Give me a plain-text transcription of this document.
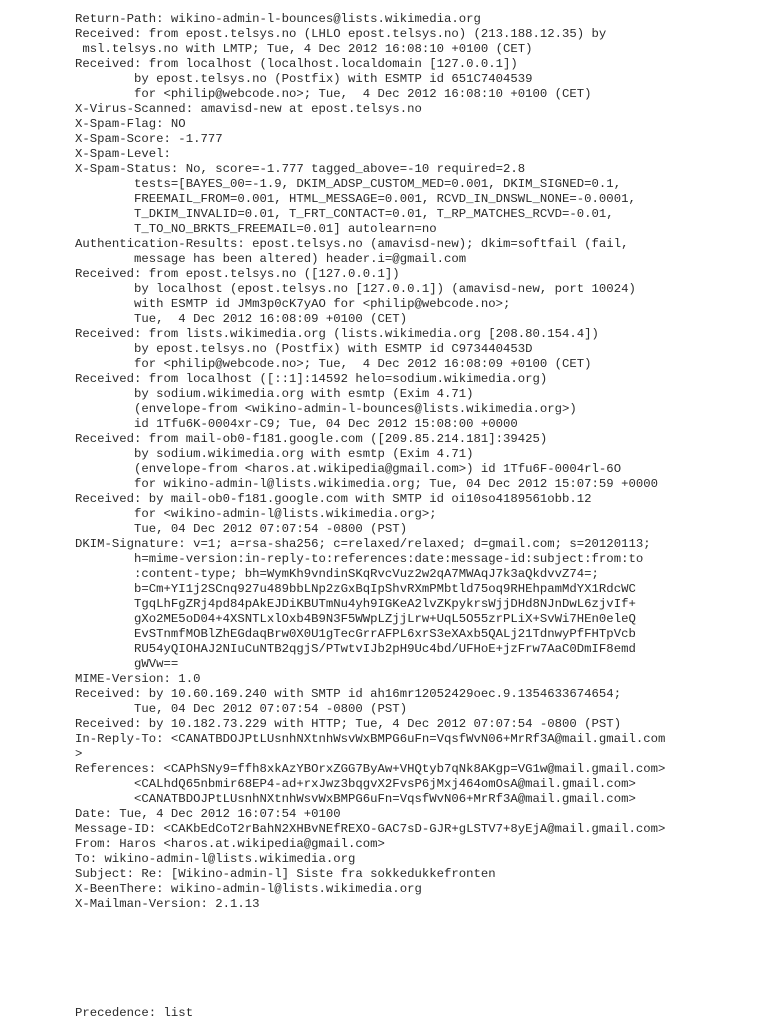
Return-Path: wikino-admin-l-bounces@lists.wikimedia.org
Received: from epost.telsys.no (LHLO epost.telsys.no) (213.188.12.35) by
msl.telsys.no with LMTP; Tue, 4 Dec 2012 16:08:10 +0100 (CET)
Received: from localhost (localhost.localdomain [127.0.0.1])
by epost.telsys.no (Postfix) with ESMTP id 651C7404539
for <philip@webcode.no>; Tue,  4 Dec 2012 16:08:10 +0100 (CET)
X-Virus-Scanned: amavisd-new at epost.telsys.no
X-Spam-Flag: NO
X-Spam-Score: -1.777
X-Spam-Level:
X-Spam-Status: No, score=-1.777 tagged_above=-10 required=2.8
tests=[BAYES_00=-1.9, DKIM_ADSP_CUSTOM_MED=0.001, DKIM_SIGNED=0.1,
FREEMAIL_FROM=0.001, HTML_MESSAGE=0.001, RCVD_IN_DNSWL_NONE=-0.0001,
T_DKIM_INVALID=0.01, T_FRT_CONTACT=0.01, T_RP_MATCHES_RCVD=-0.01,
T_TO_NO_BRKTS_FREEMAIL=0.01] autolearn=no
Authentication-Results: epost.telsys.no (amavisd-new); dkim=softfail (fail,
message has been altered) header.i=@gmail.com
Received: from epost.telsys.no ([127.0.0.1])
by localhost (epost.telsys.no [127.0.0.1]) (amavisd-new, port 10024)
with ESMTP id JMm3p0cK7yAO for <philip@webcode.no>;
Tue,  4 Dec 2012 16:08:09 +0100 (CET)
Received: from lists.wikimedia.org (lists.wikimedia.org [208.80.154.4])
by epost.telsys.no (Postfix) with ESMTP id C973440453D
for <philip@webcode.no>; Tue,  4 Dec 2012 16:08:09 +0100 (CET)
Received: from localhost ([::1]:14592 helo=sodium.wikimedia.org)
by sodium.wikimedia.org with esmtp (Exim 4.71)
(envelope-from <wikino-admin-l-bounces@lists.wikimedia.org>)
id 1Tfu6K-0004xr-C9; Tue, 04 Dec 2012 15:08:00 +0000
Received: from mail-ob0-f181.google.com ([209.85.214.181]:39425)
by sodium.wikimedia.org with esmtp (Exim 4.71)
(envelope-from <haros.at.wikipedia@gmail.com>) id 1Tfu6F-0004rl-6O
for wikino-admin-l@lists.wikimedia.org; Tue, 04 Dec 2012 15:07:59 +0000
Received: by mail-ob0-f181.google.com with SMTP id oi10so4189561obb.12
for <wikino-admin-l@lists.wikimedia.org>;
Tue, 04 Dec 2012 07:07:54 -0800 (PST)
DKIM-Signature: v=1; a=rsa-sha256; c=relaxed/relaxed; d=gmail.com; s=20120113;
h=mime-version:in-reply-to:references:date:message-id:subject:from:to
:content-type; bh=WymKh9vndinSKqRvcVuz2w2qA7MWAqJ7k3aQkdvvZ74=;
b=Cm+YI1j2SCnq927u489bbLNp2zGxBqIpShvRXmPMbtld75oq9RHEhpamMdYX1RdcWC
TgqLhFgZRj4pd84pAkEJDiKBUTmNu4yh9IGKeA2lvZKpykrsWjjDHd8NJnDwL6zjvIf+
gXo2ME5oD04+4XSNTLxlOxb4B9N3F5WWpLZjjLrw+UqL5O55zrPLiX+SvWi7HEn0eleQ
EvSTnmfMOBlZhEGdaqBrw0X0U1gTecGrrAFPL6xrS3eXAxb5QALj21TdnwyPfFHTpVcb
RU54yQIOHAJ2NIuCuNTB2qgjS/PTwtvIJb2pH9Uc4bd/UFHoE+jzFrw7AaC0DmIF8emd
gWVw==
MIME-Version: 1.0
Received: by 10.60.169.240 with SMTP id ah16mr12052429oec.9.1354633674654;
Tue, 04 Dec 2012 07:07:54 -0800 (PST)
Received: by 10.182.73.229 with HTTP; Tue, 4 Dec 2012 07:07:54 -0800 (PST)
In-Reply-To: <CANATBDOJPtLUsnhNXtnhWsvWxBMPG6uFn=VqsfWvN06+MrRf3A@mail.gmail.com
>
References: <CAPhSNy9=ffh8xkAzYBOrxZGG7ByAw+VHQtyb7qNk8AKgp=VG1w@mail.gmail.com>
<CALhdQ65nbmir68EP4-ad+rxJwz3bqgvX2FvsP6jMxj464omOsA@mail.gmail.com>
<CANATBDOJPtLUsnhNXtnhWsvWxBMPG6uFn=VqsfWvN06+MrRf3A@mail.gmail.com>
Date: Tue, 4 Dec 2012 16:07:54 +0100
Message-ID: <CAKbEdCoT2rBahN2XHBvNEfREXO-GAC7sD-GJR+gLSTV7+8yEjA@mail.gmail.com>
From: Haros <haros.at.wikipedia@gmail.com>
To: wikino-admin-l@lists.wikimedia.org
Subject: Re: [Wikino-admin-l] Siste fra sokkedukkefronten
X-BeenThere: wikino-admin-l@lists.wikimedia.org
X-Mailman-Version: 2.1.13
Precedence: list
